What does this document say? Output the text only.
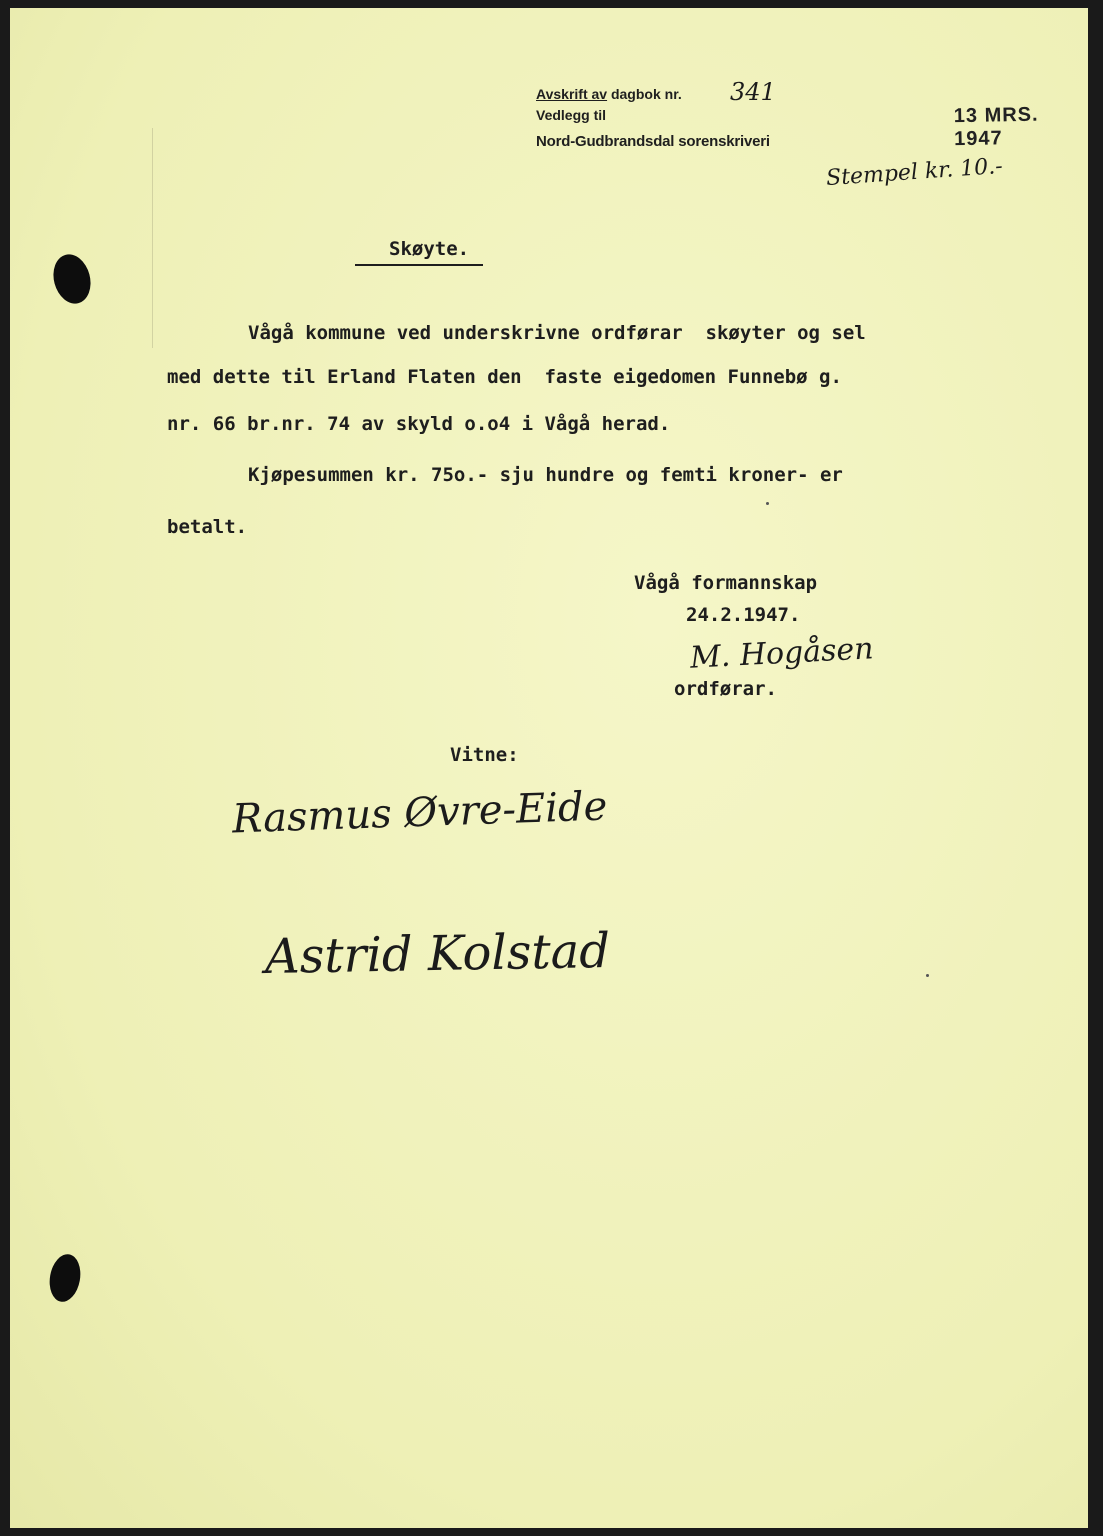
Avskrift av dagbok nr.
Vedlegg til
Nord-Gudbrandsdal sorenskriveri
341
13 MRS. 1947
Stempel kr. 10.-
Skøyte.
Vågå kommune ved underskrivne ordførar  skøyter og sel
med dette til Erland Flaten den  faste eigedomen Funnebø g.
nr. 66 br.nr. 74 av skyld o.o4 i Vågå herad.
Kjøpesummen kr. 75o.- sju hundre og femti kroner- er
betalt.
Vågå formannskap
24.2.1947.
M. Hogåsen
ordførar.
Vitne:
Rasmus Øvre-Eide
Astrid Kolstad
